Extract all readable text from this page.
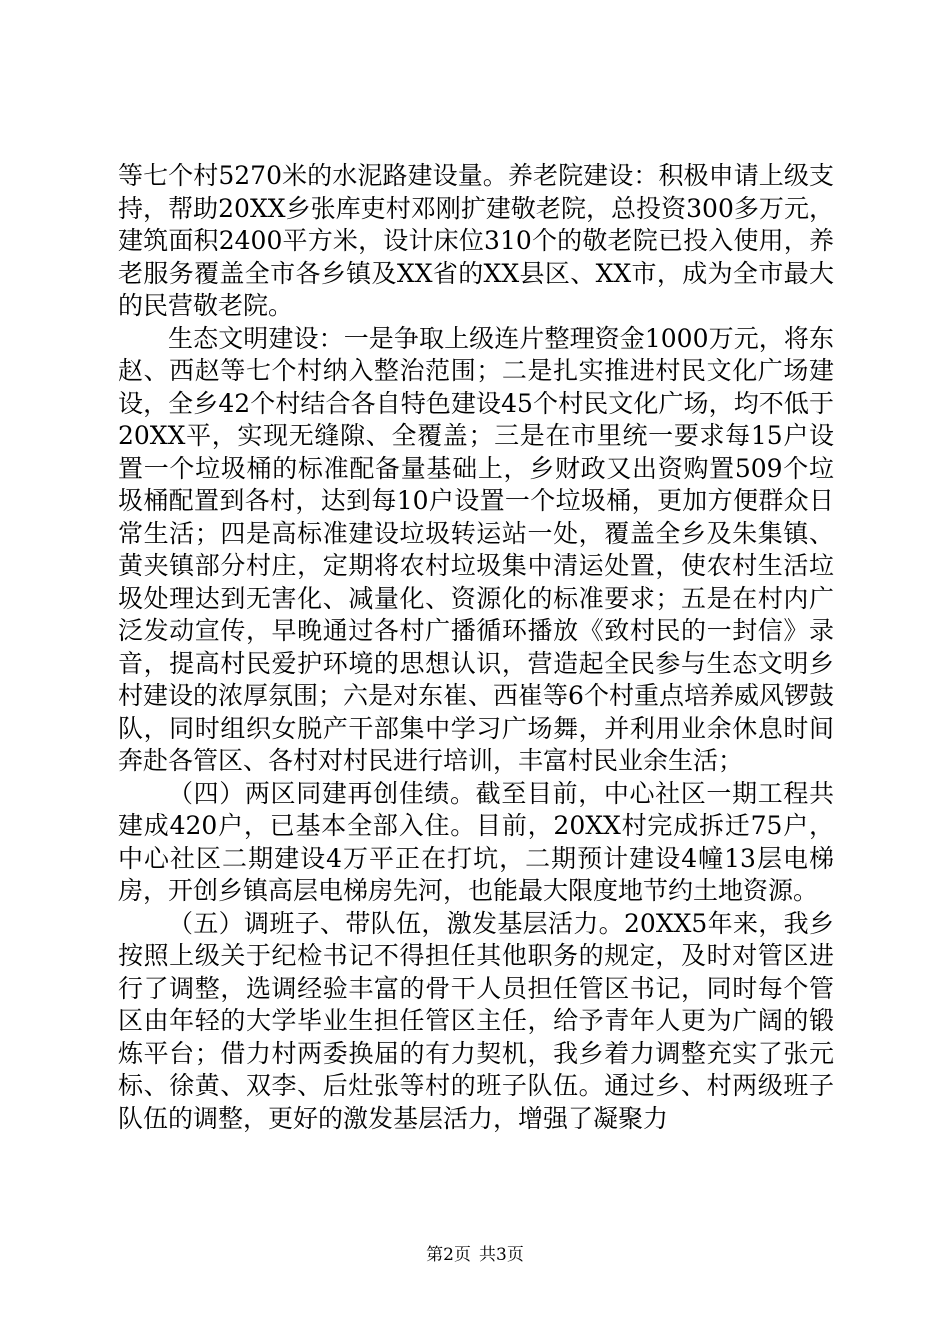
等七个村5270米的水泥路建设量。养老院建设：积极申请上级支持，帮助20XX乡张库吏村邓刚扩建敬老院，总投资300多万元，建筑面积2400平方米，设计床位310个的敬老院已投入使用，养老服务覆盖全市各乡镇及XX省的XX县区、XX市，成为全市最大的民营敬老院。

生态文明建设：一是争取上级连片整理资金1000万元，将东赵、西赵等七个村纳入整治范围；二是扎实推进村民文化广场建设，全乡42个村结合各自特色建设45个村民文化广场，均不低于20XX平，实现无缝隙、全覆盖；三是在市里统一要求每15户设置一个垃圾桶的标准配备量基础上，乡财政又出资购置509个垃圾桶配置到各村，达到每10户设置一个垃圾桶，更加方便群众日常生活；四是高标准建设垃圾转运站一处，覆盖全乡及朱集镇、黄夹镇部分村庄，定期将农村垃圾集中清运处置，使农村生活垃圾处理达到无害化、减量化、资源化的标准要求；五是在村内广泛发动宣传，早晚通过各村广播循环播放《致村民的一封信》录音，提高村民爱护环境的思想认识，营造起全民参与生态文明乡村建设的浓厚氛围；六是对东崔、西崔等6个村重点培养威风锣鼓队，同时组织女脱产干部集中学习广场舞，并利用业余休息时间奔赴各管区、各村对村民进行培训，丰富村民业余生活；

（四）两区同建再创佳绩。截至目前，中心社区一期工程共建成420户，已基本全部入住。目前，20XX村完成拆迁75户，中心社区二期建设4万平正在打坑，二期预计建设4幢13层电梯房，开创乡镇高层电梯房先河，也能最大限度地节约土地资源。

（五）调班子、带队伍，激发基层活力。20XX5年来，我乡按照上级关于纪检书记不得担任其他职务的规定，及时对管区进行了调整，选调经验丰富的骨干人员担任管区书记，同时每个管区由年轻的大学毕业生担任管区主任，给予青年人更为广阔的锻炼平台；借力村两委换届的有力契机，我乡着力调整充实了张元标、徐黄、双李、后灶张等村的班子队伍。通过乡、村两级班子队伍的调整，更好的激发基层活力，增强了凝聚力

第2页 共3页
